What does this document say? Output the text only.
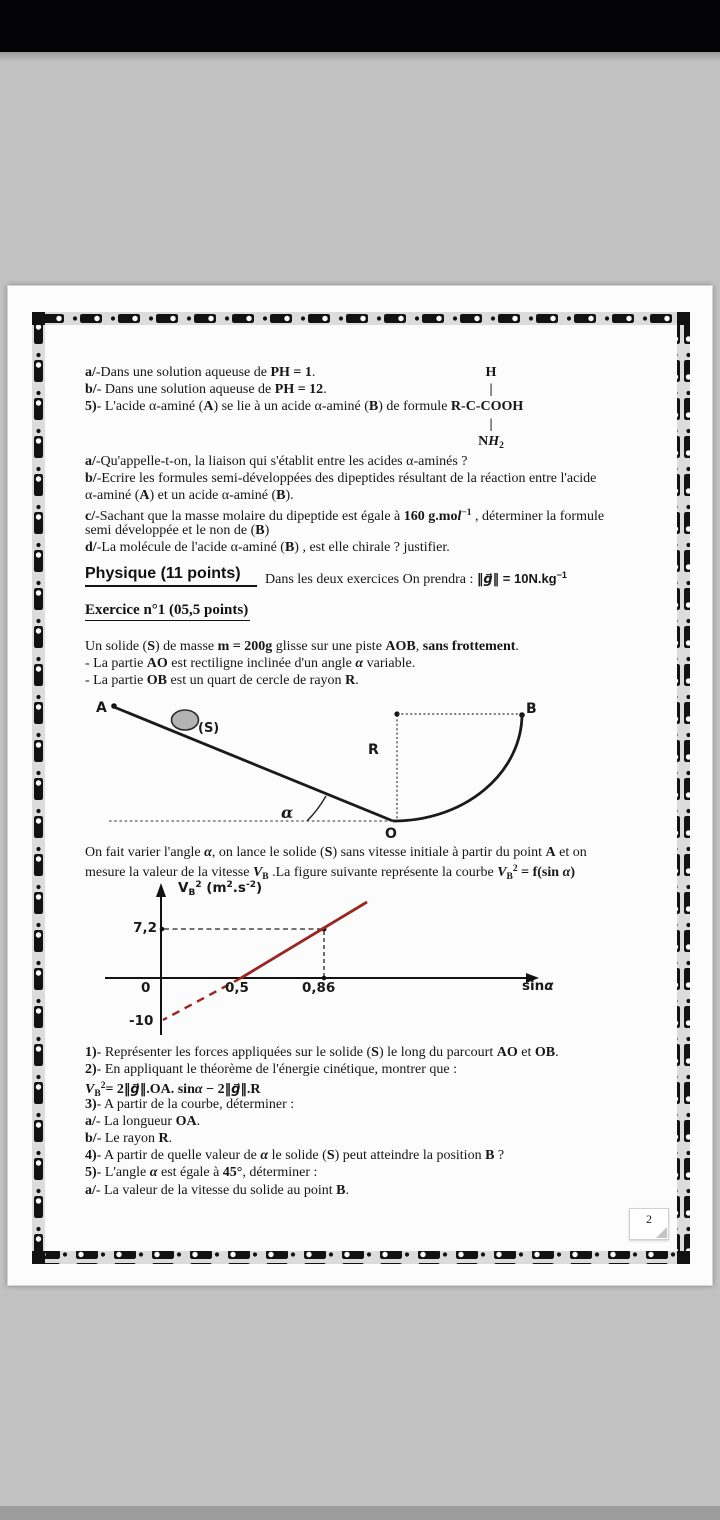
a/-Dans une solution aqueuse de PH = 1.
b/- Dans une solution aqueuse de PH = 12.
5)- L'acide α-aminé (A) se lie à un acide α-aminé (B) de formule R-C-COOH
H
|
|
$NH_2$
a/-Qu'appelle-t-on, la liaison qui s'établit entre les acides α-aminés ?
b/-Ecrire les formules semi-développées des dipeptides résultant de la réaction entre l'acide
α-aminé (A) et un acide α-aminé (B).
c/-Sachant que la masse molaire du dipeptide est égale à 160 g.mol$^{-1}$ , déterminer la formule
semi développée et le non de (B)
d/-La molécule de l'acide α-aminé (B) , est elle chirale ? justifier.
Physique (11 points)	Dans les deux exercices On prendra : ‖g⃗‖ = $10N.kg^{-1}$
Exercice n°1 (05,5 points)
Un solide (S) de masse m = 200g glisse sur une piste AOB, sans frottement.
- La partie AO est rectiligne inclinée d'un angle α variable.
- La partie OB est un quart de cercle de rayon R.
A	B
R
O
(S)
α
On fait varier l'angle α, on lance le solide (S) sans vitesse initiale à partir du point A et on
mesure la valeur de la vitesse $V_B$ .La figure suivante représente la courbe $V_B^2 = f(\sin$ α)
$V_B^2$ $(m^2.s^{-2})$
7,2
0	0,5	0,86	sinα
-10
1)- Représenter les forces appliquées sur le solide (S) le long du parcourt AO et OB.
2)- En appliquant le théorème de l'énergie cinétique, montrer que :
$V_B^2=$ 2‖g⃗‖.OA. sinα − 2‖g⃗‖.R
3)- A partir de la courbe, déterminer :
a/- La longueur OA.
b/- Le rayon R.
4)- A partir de quelle valeur de α le solide (S) peut atteindre la position B ?
5)- L'angle α est égale à 45°, déterminer :
a/- La valeur de la vitesse du solide au point B.
2
